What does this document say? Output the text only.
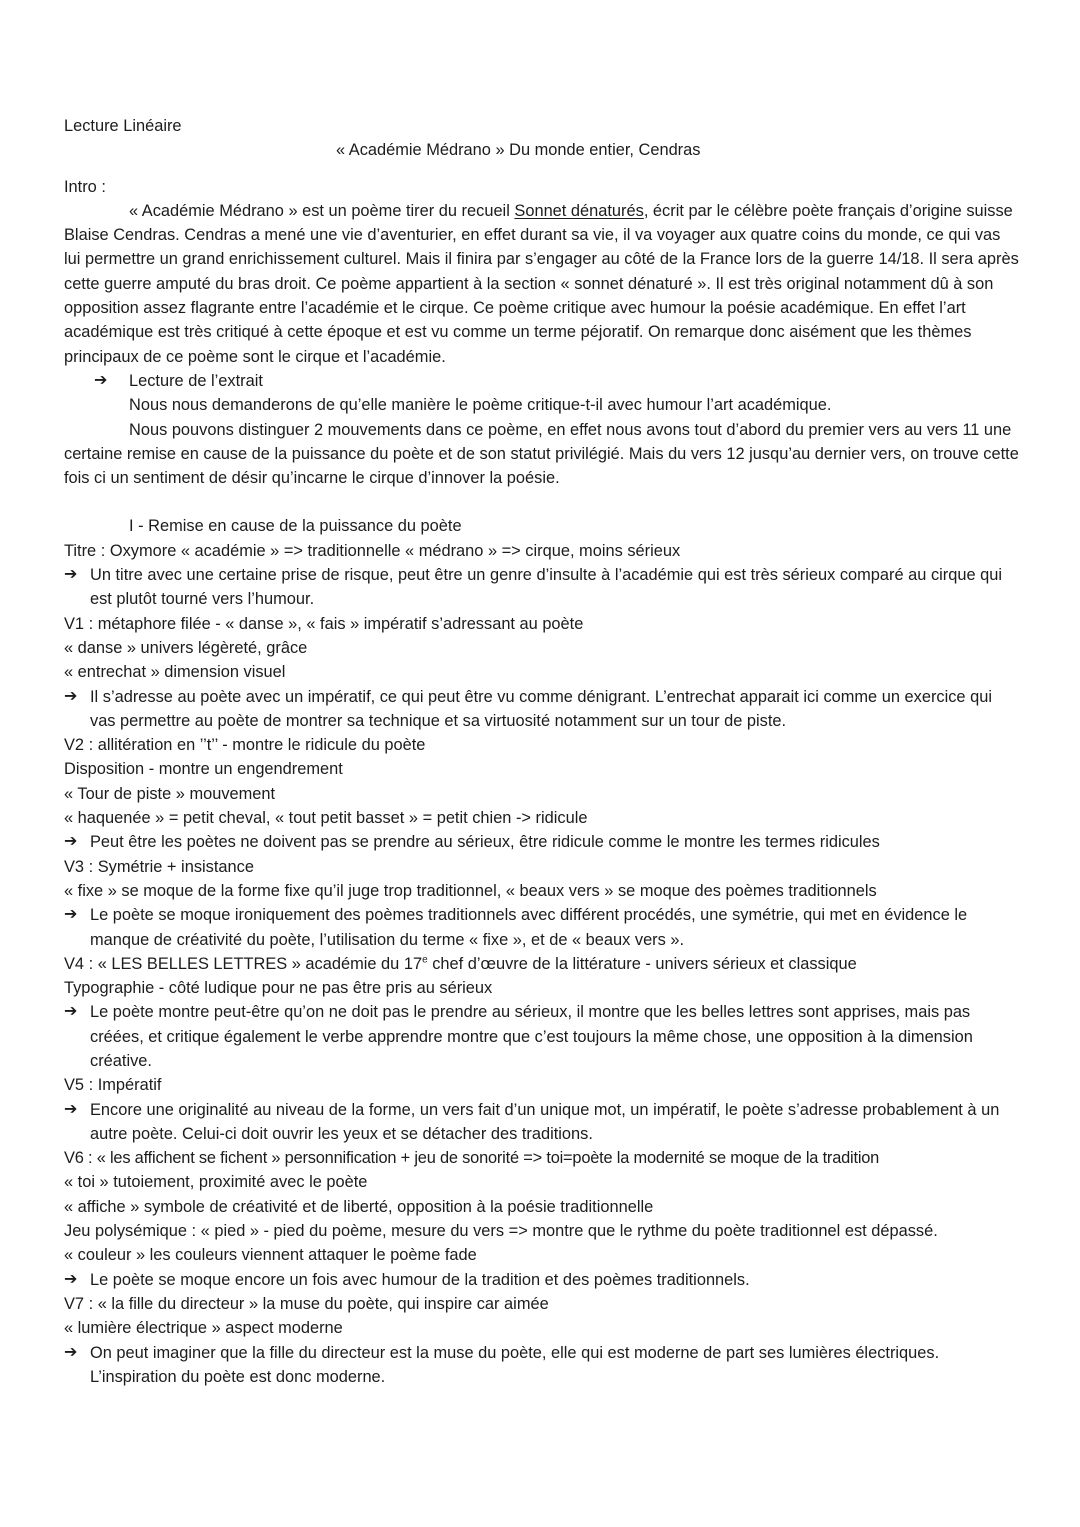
Lecture Linéaire
« Académie Médrano » Du monde entier, Cendras
Intro :
« Académie Médrano » est un poème tirer du recueil Sonnet dénaturés, écrit par le célèbre poète français d’origine suisse Blaise Cendras. Cendras a mené une vie d’aventurier, en effet durant sa vie, il va voyager aux quatre coins du monde, ce qui vas lui permettre un grand enrichissement culturel. Mais il finira par s’engager au côté de la France lors de la guerre 14/18. Il sera après cette guerre amputé du bras droit. Ce poème appartient à la section « sonnet dénaturé ». Il est très original notamment dû à son opposition assez flagrante entre l’académie et le cirque. Ce poème critique avec humour la poésie académique. En effet l’art académique est très critiqué à cette époque et est vu comme un terme péjoratif. On remarque donc aisément que les thèmes principaux de ce poème sont le cirque et l’académie.
➔	Lecture de l’extrait
Nous nous demanderons de qu’elle manière le poème critique-t-il avec humour l’art académique.
Nous pouvons distinguer 2 mouvements dans ce poème, en effet nous avons tout d’abord du premier vers au vers 11 une certaine remise en cause de la puissance du poète et de son statut privilégié. Mais du vers 12 jusqu’au dernier vers, on trouve cette fois ci un sentiment de désir qu’incarne le cirque d’innover la poésie.
I - Remise en cause de la puissance du poète
Titre : Oxymore « académie » => traditionnelle « médrano » => cirque, moins sérieux
➔ Un titre avec une certaine prise de risque, peut être un genre d’insulte à l’académie qui est très sérieux comparé au cirque qui est plutôt tourné vers l’humour.
V1 : métaphore filée - « danse », « fais » impératif s’adressant au poète
« danse » univers légèreté, grâce
« entrechat » dimension visuel
➔ Il s’adresse au poète avec un impératif, ce qui peut être vu comme dénigrant. L’entrechat apparait ici comme un exercice qui vas permettre au poète de montrer sa technique et sa virtuosité notamment sur un tour de piste.
V2 : allitération en ’’t’’ - montre le ridicule du poète
Disposition - montre un engendrement
« Tour de piste » mouvement
« haquenée » = petit cheval, « tout petit basset » = petit chien -> ridicule
➔ Peut être les poètes ne doivent pas se prendre au sérieux, être ridicule comme le montre les termes ridicules
V3 : Symétrie + insistance
« fixe » se moque de la forme fixe qu’il juge trop traditionnel, « beaux vers » se moque des poèmes traditionnels
➔ Le poète se moque ironiquement des poèmes traditionnels avec différent procédés, une symétrie, qui met en évidence le manque de créativité du poète, l’utilisation du terme « fixe », et de « beaux vers ».
V4 : « LES BELLES LETTRES » académie du 17e chef d’œuvre de la littérature - univers sérieux et classique
Typographie - côté ludique pour ne pas être pris au sérieux
➔ Le poète montre peut-être qu’on ne doit pas le prendre au sérieux, il montre que les belles lettres sont apprises, mais pas créées, et critique également le verbe apprendre montre que c’est toujours la même chose, une opposition à la dimension créative.
V5 : Impératif
➔ Encore une originalité au niveau de la forme, un vers fait d’un unique mot, un impératif, le poète s’adresse probablement à un autre poète. Celui-ci doit ouvrir les yeux et se détacher des traditions.
V6 : « les affichent se fichent » personnification + jeu de sonorité => toi=poète la modernité se moque de la tradition
« toi » tutoiement, proximité avec le poète
« affiche » symbole de créativité et de liberté, opposition à la poésie traditionnelle
Jeu polysémique : « pied » - pied du poème, mesure du vers => montre que le rythme du poète traditionnel est dépassé.
« couleur » les couleurs viennent attaquer le poème fade
➔ Le poète se moque encore un fois avec humour de la tradition et des poèmes traditionnels.
V7 : « la fille du directeur » la muse du poète, qui inspire car aimée
« lumière électrique » aspect moderne
➔ On peut imaginer que la fille du directeur est la muse du poète, elle qui est moderne de part ses lumières électriques. L’inspiration du poète est donc moderne.
